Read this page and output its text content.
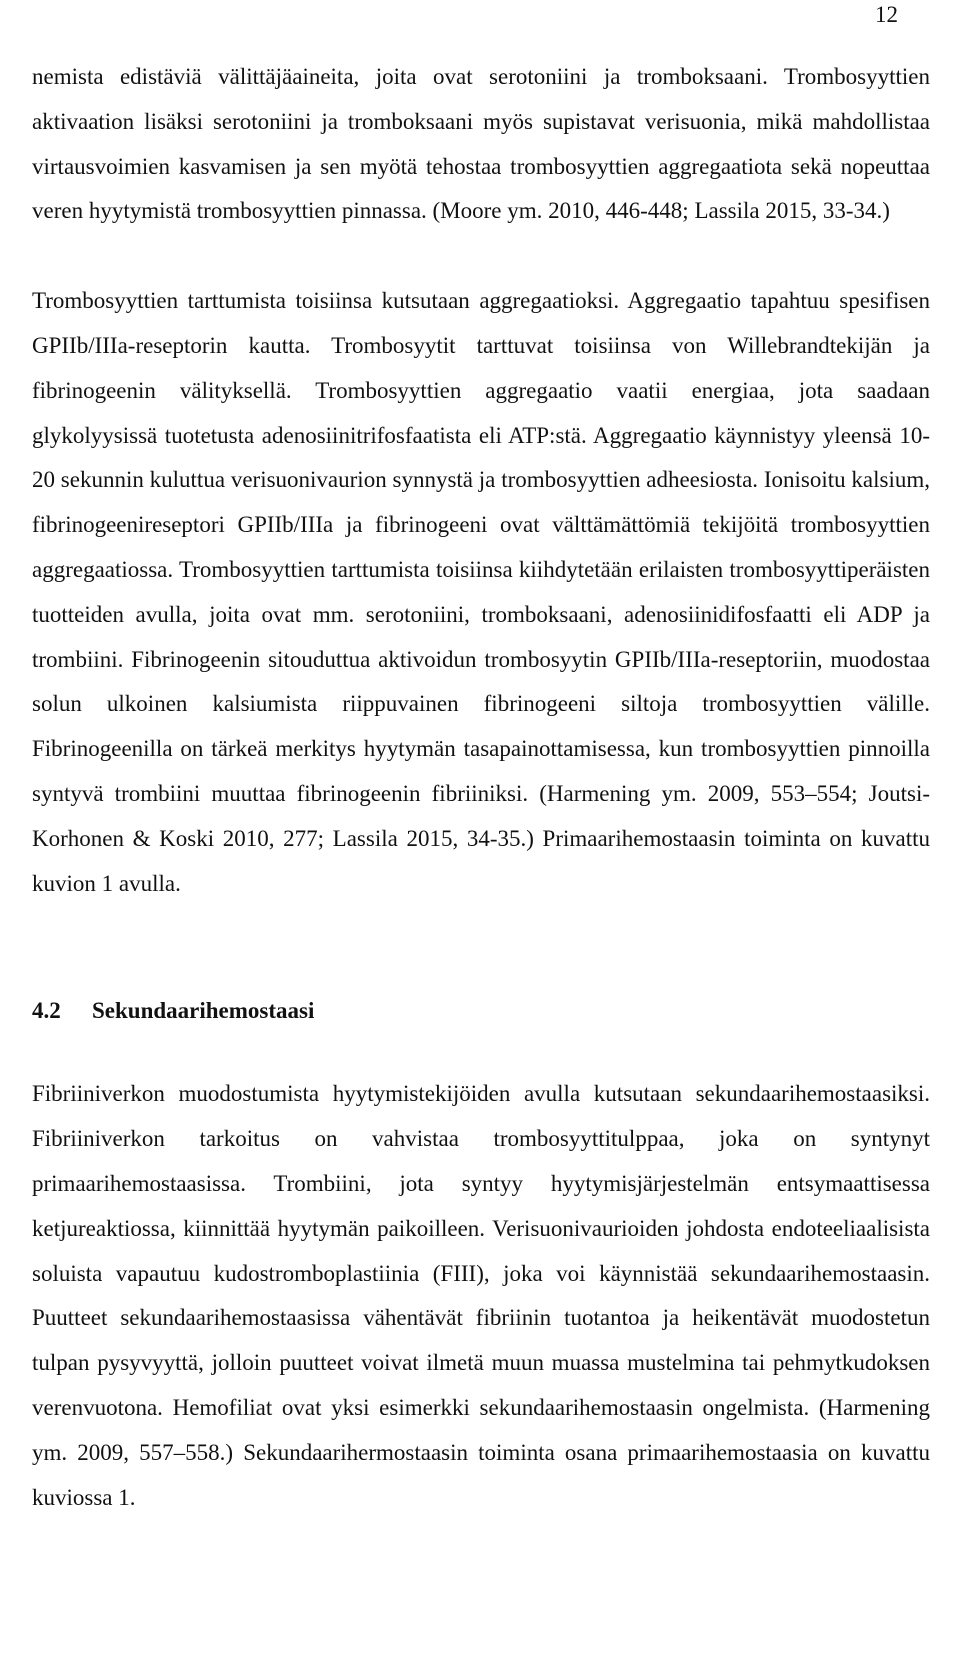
12

nemista edistäviä välittäjäaineita, joita ovat serotoniini ja tromboksaani. Trombosyyttien aktivaation lisäksi serotoniini ja tromboksaani myös supistavat verisuonia, mikä mahdollistaa virtausvoimien kasvamisen ja sen myötä tehostaa trombosyyttien aggregaatiota sekä nopeuttaa veren hyytymistä trombosyyttien pinnassa. (Moore ym. 2010, 446-448; Lassila 2015, 33-34.)

Trombosyyttien tarttumista toisiinsa kutsutaan aggregaatioksi. Aggregaatio tapahtuu spesifisen GPIIb/IIIa-reseptorin kautta. Trombosyytit tarttuvat toisiinsa von Willebrandtekijän ja fibrinogeenin välityksellä. Trombosyyttien aggregaatio vaatii energiaa, jota saadaan glykolyysissä tuotetusta adenosiinitrifosfaatista eli ATP:stä. Aggregaatio käynnistyy yleensä 10-20 sekunnin kuluttua verisuonivaurion synnystä ja trombosyyttien adheesiosta. Ionisoitu kalsium, fibrinogeenireseptori GPIIb/IIIa ja fibrinogeeni ovat välttämättömiä tekijöitä trombosyyttien aggregaatiossa. Trombosyyttien tarttumista toisiinsa kiihdytetään erilaisten trombosyyttiperäisten tuotteiden avulla, joita ovat mm. serotoniini, tromboksaani, adenosiinidifosfaatti eli ADP ja trombiini. Fibrinogeenin sitouduttua aktivoidun trombosyytin GPIIb/IIIa-reseptoriin, muodostaa solun ulkoinen kalsiumista riippuvainen fibrinogeeni siltoja trombosyyttien välille. Fibrinogeenilla on tärkeä merkitys hyytymän tasapainottamisessa, kun trombosyyttien pinnoilla syntyvä trombiini muuttaa fibrinogeenin fibriiniksi. (Harmening ym. 2009, 553–554; Joutsi-Korhonen & Koski 2010, 277; Lassila 2015, 34-35.) Primaarihemostaasin toiminta on kuvattu kuvion 1 avulla.

4.2	Sekundaarihemostaasi

Fibriiniverkon muodostumista hyytymistekijöiden avulla kutsutaan sekundaarihemostaasiksi. Fibriiniverkon tarkoitus on vahvistaa trombosyyttitulppaa, joka on syntynyt primaarihemostaasissa. Trombiini, jota syntyy hyytymisjärjestelmän entsymaattisessa ketjureaktiossa, kiinnittää hyytymän paikoilleen. Verisuonivaurioiden johdosta endoteeliaalisista soluista vapautuu kudostromboplastiinia (FIII), joka voi käynnistää sekundaarihemostaasin. Puutteet sekundaarihemostaasissa vähentävät fibriinin tuotantoa ja heikentävät muodostetun tulpan pysyvyyttä, jolloin puutteet voivat ilmetä muun muassa mustelmina tai pehmytkudoksen verenvuotona. Hemofiliat ovat yksi esimerkki sekundaarihemostaasin ongelmista. (Harmening ym. 2009, 557–558.) Sekundaarihermostaasin toiminta osana primaarihemostaasia on kuvattu kuviossa 1.
